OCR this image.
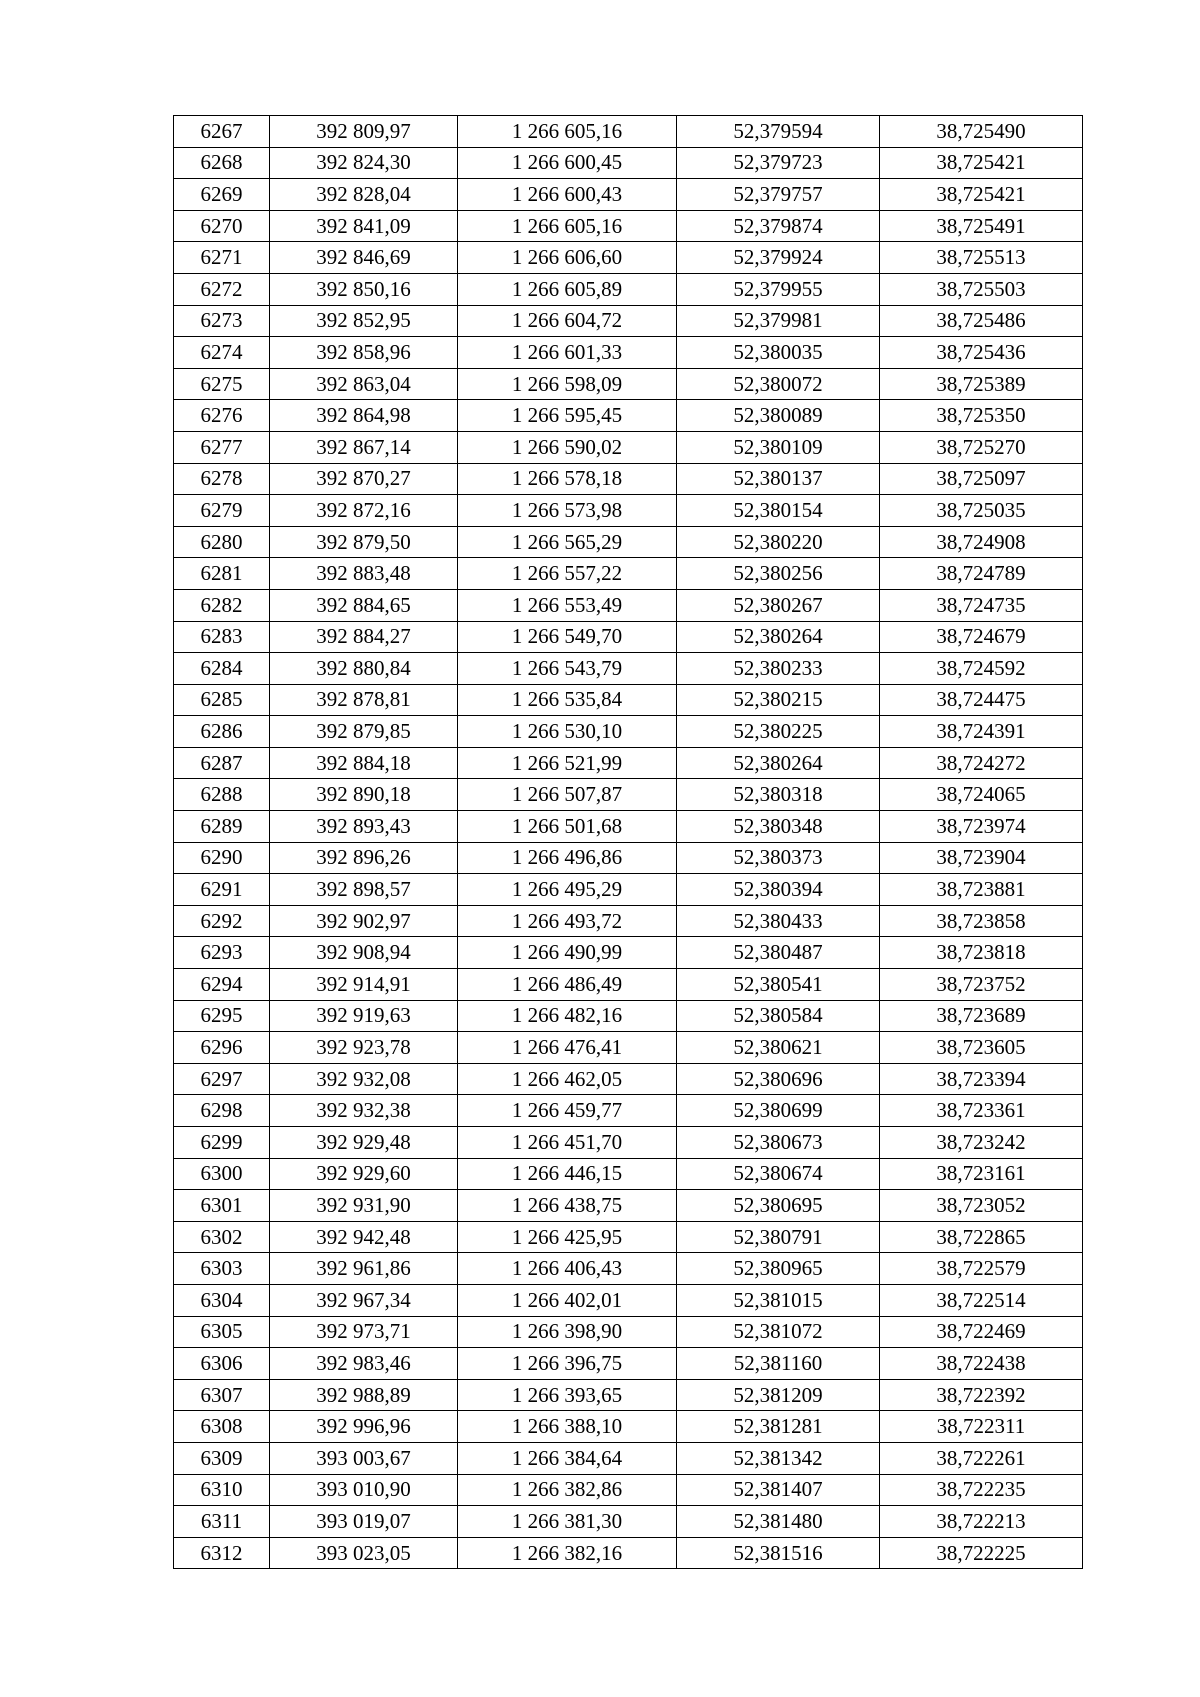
6267	392 809,97	1 266 605,16	52,379594	38,725490
6268	392 824,30	1 266 600,45	52,379723	38,725421
6269	392 828,04	1 266 600,43	52,379757	38,725421
6270	392 841,09	1 266 605,16	52,379874	38,725491
6271	392 846,69	1 266 606,60	52,379924	38,725513
6272	392 850,16	1 266 605,89	52,379955	38,725503
6273	392 852,95	1 266 604,72	52,379981	38,725486
6274	392 858,96	1 266 601,33	52,380035	38,725436
6275	392 863,04	1 266 598,09	52,380072	38,725389
6276	392 864,98	1 266 595,45	52,380089	38,725350
6277	392 867,14	1 266 590,02	52,380109	38,725270
6278	392 870,27	1 266 578,18	52,380137	38,725097
6279	392 872,16	1 266 573,98	52,380154	38,725035
6280	392 879,50	1 266 565,29	52,380220	38,724908
6281	392 883,48	1 266 557,22	52,380256	38,724789
6282	392 884,65	1 266 553,49	52,380267	38,724735
6283	392 884,27	1 266 549,70	52,380264	38,724679
6284	392 880,84	1 266 543,79	52,380233	38,724592
6285	392 878,81	1 266 535,84	52,380215	38,724475
6286	392 879,85	1 266 530,10	52,380225	38,724391
6287	392 884,18	1 266 521,99	52,380264	38,724272
6288	392 890,18	1 266 507,87	52,380318	38,724065
6289	392 893,43	1 266 501,68	52,380348	38,723974
6290	392 896,26	1 266 496,86	52,380373	38,723904
6291	392 898,57	1 266 495,29	52,380394	38,723881
6292	392 902,97	1 266 493,72	52,380433	38,723858
6293	392 908,94	1 266 490,99	52,380487	38,723818
6294	392 914,91	1 266 486,49	52,380541	38,723752
6295	392 919,63	1 266 482,16	52,380584	38,723689
6296	392 923,78	1 266 476,41	52,380621	38,723605
6297	392 932,08	1 266 462,05	52,380696	38,723394
6298	392 932,38	1 266 459,77	52,380699	38,723361
6299	392 929,48	1 266 451,70	52,380673	38,723242
6300	392 929,60	1 266 446,15	52,380674	38,723161
6301	392 931,90	1 266 438,75	52,380695	38,723052
6302	392 942,48	1 266 425,95	52,380791	38,722865
6303	392 961,86	1 266 406,43	52,380965	38,722579
6304	392 967,34	1 266 402,01	52,381015	38,722514
6305	392 973,71	1 266 398,90	52,381072	38,722469
6306	392 983,46	1 266 396,75	52,381160	38,722438
6307	392 988,89	1 266 393,65	52,381209	38,722392
6308	392 996,96	1 266 388,10	52,381281	38,722311
6309	393 003,67	1 266 384,64	52,381342	38,722261
6310	393 010,90	1 266 382,86	52,381407	38,722235
6311	393 019,07	1 266 381,30	52,381480	38,722213
6312	393 023,05	1 266 382,16	52,381516	38,722225
